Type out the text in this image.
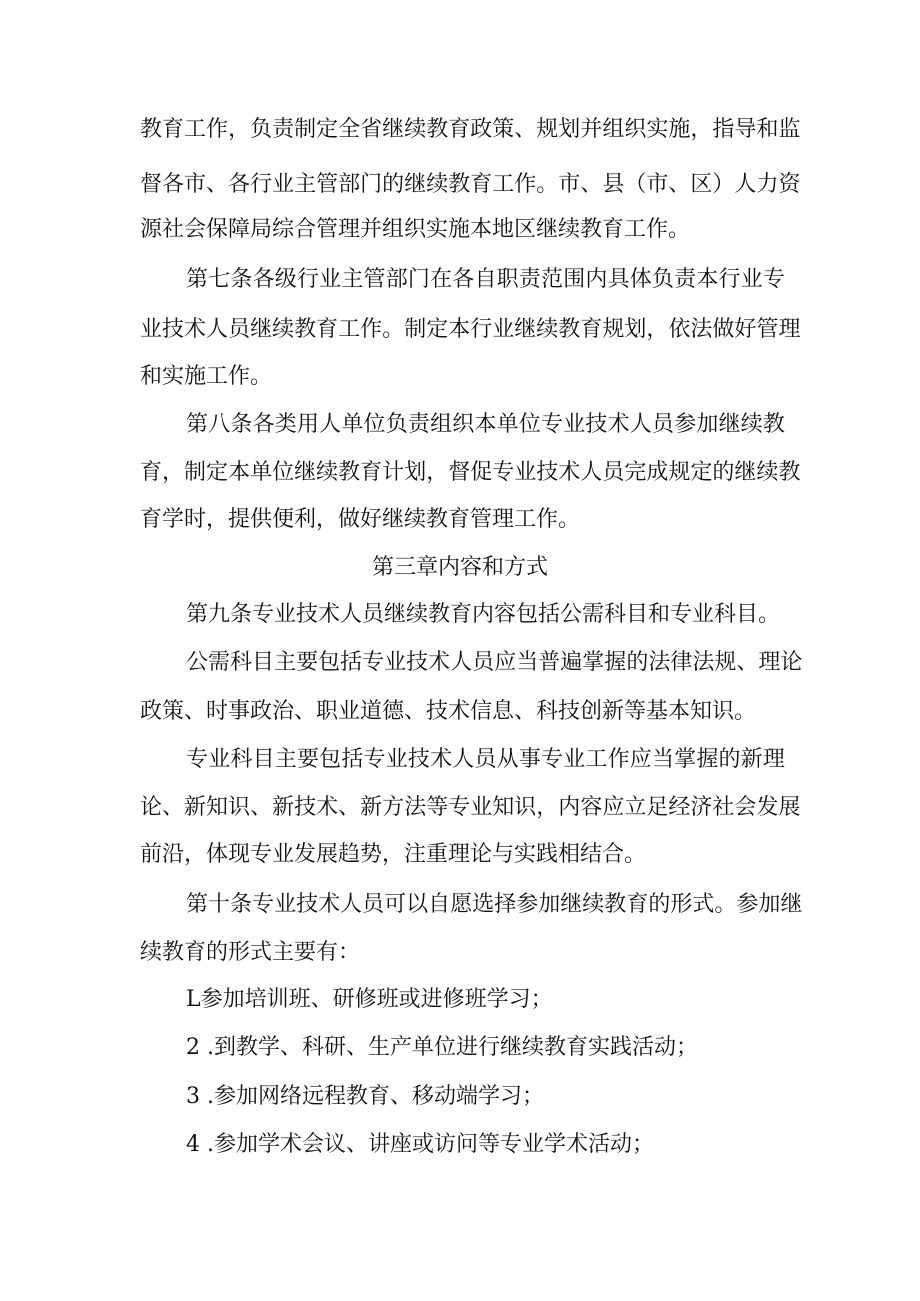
教 育 工 作 ， 负 责 制 定 全 省 继 续 教 育 政 策 、 规 划 并 组 织 实 施 ， 指 导 和 监
督 各 市 、 各 行 业 主 管 部 门 的 继 续 教 育 工 作 。 市 、 县 （ 市 、 区 ） 人 力 资
源社会保障局综合管理并组织实施本地区继续教育工作。
第 七 条 各 级 行 业 主 管 部 门 在 各 自 职 责 范 围 内 具 体 负 责 本 行 业 专
业 技 术 人 员 继 续 教 育 工 作 。 制 定 本 行 业 继 续 教 育 规 划 ， 依 法 做 好 管 理
和实施工作。
第 八 条 各 类 用 人 单 位 负 责 组 织 本 单 位 专 业 技 术 人 员 参 加 继 续 教
育 ， 制 定 本 单 位 继 续 教 育 计 划 ， 督 促 专 业 技 术 人 员 完 成 规 定 的 继 续 教
育学时，提供便利，做好继续教育管理工作。
第三章内容和方式
第九条专业技术人员继续教育内容包括公需科目和专业科目。
公 需 科 目 主 要 包 括 专 业 技 术 人 员 应 当 普 遍 掌 握 的 法 律 法 规 、 理 论
政策、时事政治、职业道德、技术信息、科技创新等基本知识。
专 业 科 目 主 要 包 括 专 业 技 术 人 员 从 事 专 业 工 作 应 当 掌 握 的 新 理
论 、 新 知 识 、 新 技 术 、 新 方 法 等 专 业 知 识 ， 内 容 应 立 足 经 济 社 会 发 展
前沿，体现专业发展趋势，注重理论与实践相结合。
第 十 条 专 业 技 术 人 员 可 以 自 愿 选 择 参 加 继 续 教 育 的 形 式 。 参 加 继
续教育的形式主要有：
L参加培训班、研修班或进修班学习；
2 .到教学、科研、生产单位进行继续教育实践活动；
3 .参加网络远程教育、移动端学习；
4 .参加学术会议、讲座或访问等专业学术活动；
